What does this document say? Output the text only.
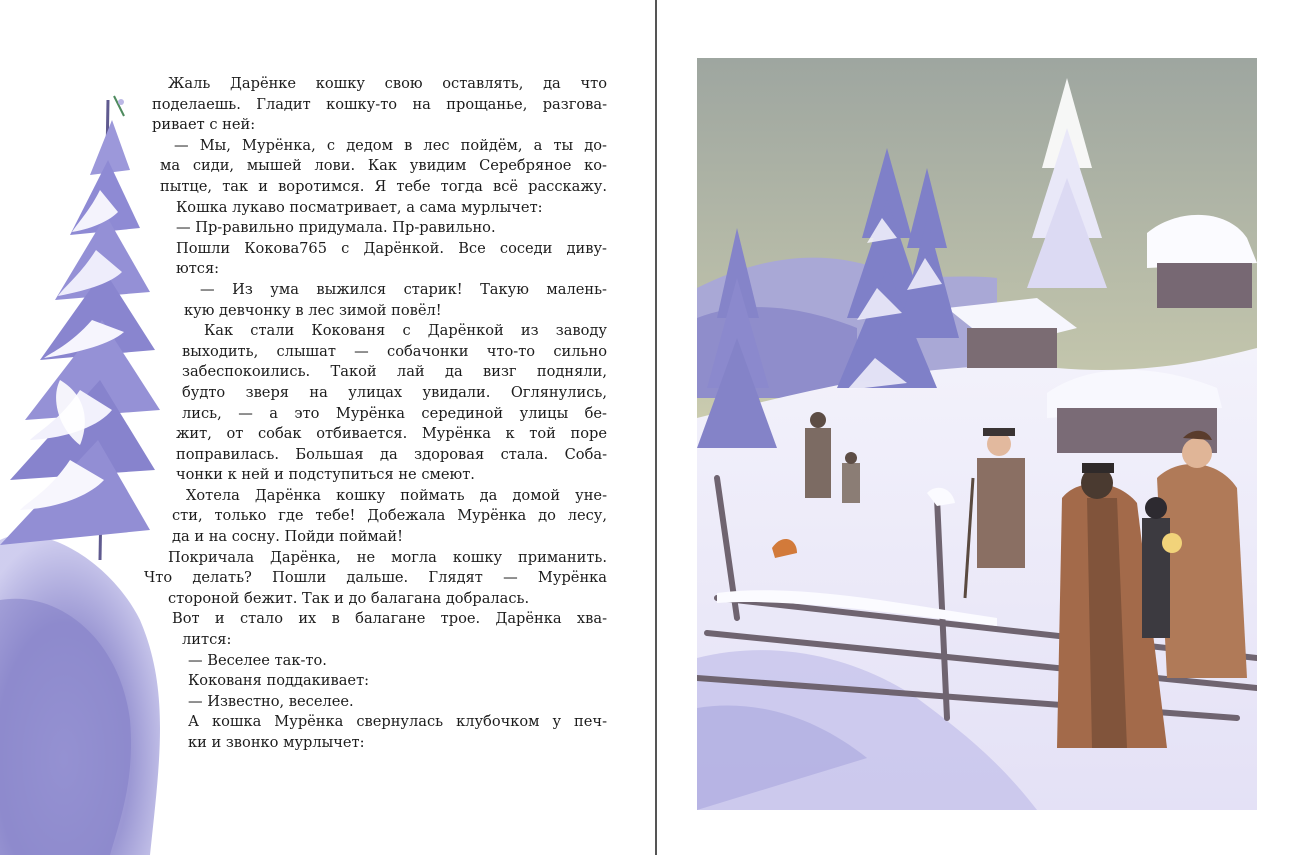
Жаль Дарёнке кошку свою оставлять, да что
поделаешь. Гладит кошку-то на прощанье, разгова-
ривает с ней:
— Мы, Мурёнка, с дедом в лес пойдём, а ты до-
ма сиди, мышей лови. Как увидим Серебряное ко-
пытце, так и воротимся. Я тебе тогда всё расскажу.
Кошка лукаво посматривает, а сама мурлычет:
— Пр-равильно придумала. Пр-равильно.
Пошли Кокова765 с Дарёнкой. Все соседи диву-
ются:
— Из ума выжился старик! Такую малень-
кую девчонку в лес зимой повёл!
Как стали Кокованя с Дарёнкой из заводу
выходить, слышат — собачонки что-то сильно
забеспокоились. Такой лай да визг подняли,
будто зверя на улицах увидали. Оглянулись,
лись, — а это Мурёнка серединой улицы бе-
жит, от собак отбивается. Мурёнка к той поре
поправилась. Большая да здоровая стала. Соба-
чонки к ней и подступиться не смеют.
Хотела Дарёнка кошку поймать да домой уне-
сти, только где тебе! Добежала Мурёнка до лесу,
да и на сосну. Пойди поймай!
Покричала Дарёнка, не могла кошку приманить.
Что делать? Пошли дальше. Глядят — Мурёнка
стороной бежит. Так и до балагана добралась.
Вот и стало их в балагане трое. Дарёнка хва-
лится:
— Веселее так-то.
Кокованя поддакивает:
— Известно, веселее.
А кошка Мурёнка свернулась клубочком у печ-
ки и звонко мурлычет:
